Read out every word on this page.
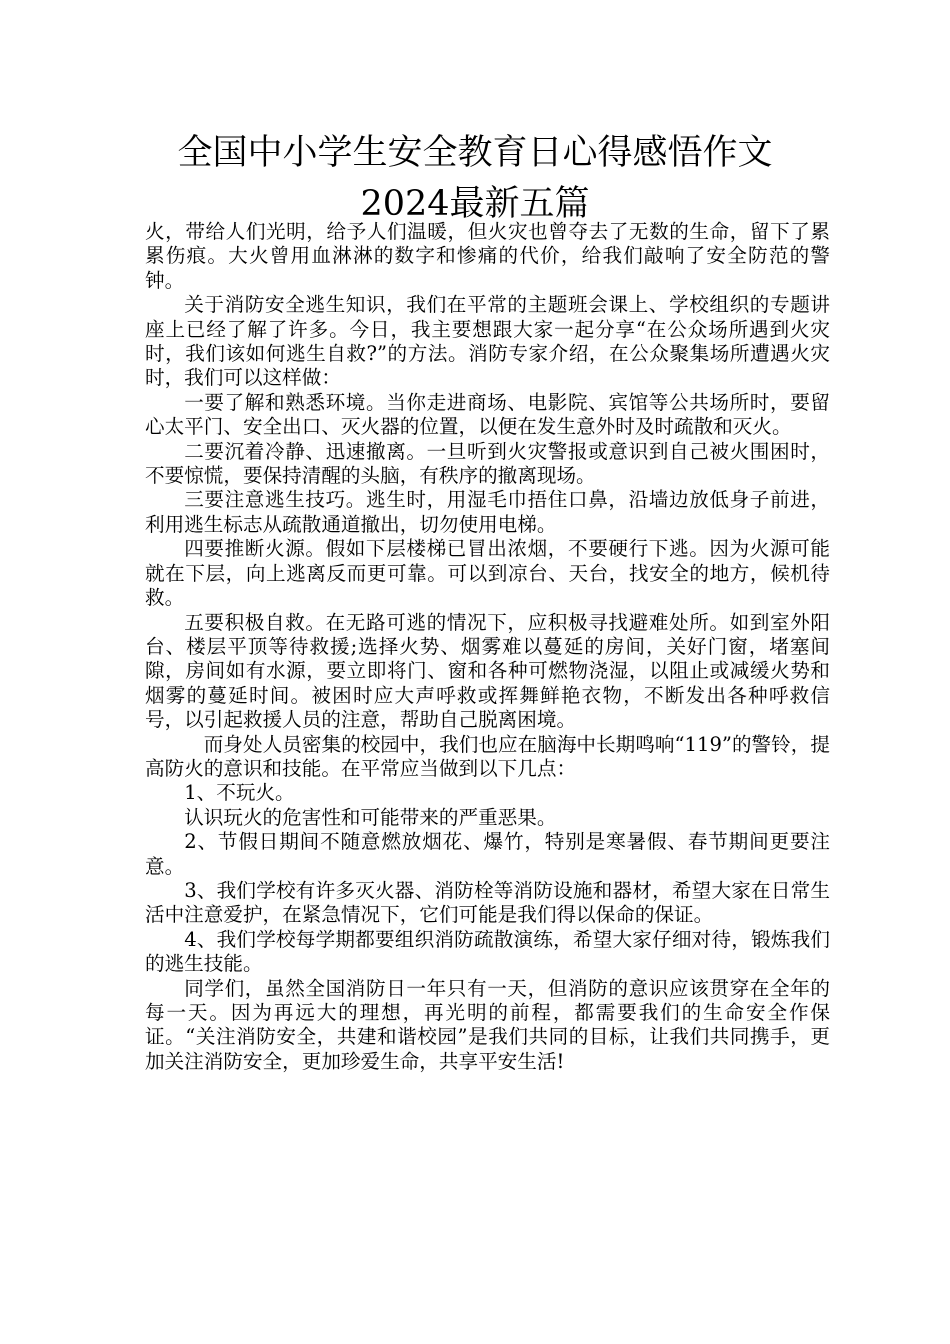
全国中小学生安全教育日心得感悟作文
2024最新五篇

火，带给人们光明，给予人们温暖，但火灾也曾夺去了无数的生命，留下了累累伤痕。大火曾用血淋淋的数字和惨痛的代价，给我们敲响了安全防范的警钟。

关于消防安全逃生知识，我们在平常的主题班会课上、学校组织的专题讲座上已经了解了许多。今日，我主要想跟大家一起分享“在公众场所遇到火灾时，我们该如何逃生自救?”的方法。消防专家介绍，在公众聚集场所遭遇火灾时，我们可以这样做：

一要了解和熟悉环境。当你走进商场、电影院、宾馆等公共场所时，要留心太平门、安全出口、灭火器的位置，以便在发生意外时及时疏散和灭火。

二要沉着冷静、迅速撤离。一旦听到火灾警报或意识到自己被火围困时，不要惊慌，要保持清醒的头脑，有秩序的撤离现场。

三要注意逃生技巧。逃生时，用湿毛巾捂住口鼻，沿墙边放低身子前进，利用逃生标志从疏散通道撤出，切勿使用电梯。

四要推断火源。假如下层楼梯已冒出浓烟，不要硬行下逃。因为火源可能就在下层，向上逃离反而更可靠。可以到凉台、天台，找安全的地方，候机待救。

五要积极自救。在无路可逃的情况下，应积极寻找避难处所。如到室外阳台、楼层平顶等待救援;选择火势、烟雾难以蔓延的房间，关好门窗，堵塞间隙，房间如有水源，要立即将门、窗和各种可燃物浇湿，以阻止或减缓火势和烟雾的蔓延时间。被困时应大声呼救或挥舞鲜艳衣物，不断发出各种呼救信号，以引起救援人员的注意，帮助自己脱离困境。

而身处人员密集的校园中，我们也应在脑海中长期鸣响“119”的警铃，提高防火的意识和技能。在平常应当做到以下几点：

1、不玩火。

认识玩火的危害性和可能带来的严重恶果。

2、节假日期间不随意燃放烟花、爆竹，特别是寒暑假、春节期间更要注意。

3、我们学校有许多灭火器、消防栓等消防设施和器材，希望大家在日常生活中注意爱护，在紧急情况下，它们可能是我们得以保命的保证。

4、我们学校每学期都要组织消防疏散演练，希望大家仔细对待，锻炼我们的逃生技能。

同学们，虽然全国消防日一年只有一天，但消防的意识应该贯穿在全年的每一天。因为再远大的理想，再光明的前程，都需要我们的生命安全作保证。“关注消防安全，共建和谐校园”是我们共同的目标，让我们共同携手，更加关注消防安全，更加珍爱生命，共享平安生活!
